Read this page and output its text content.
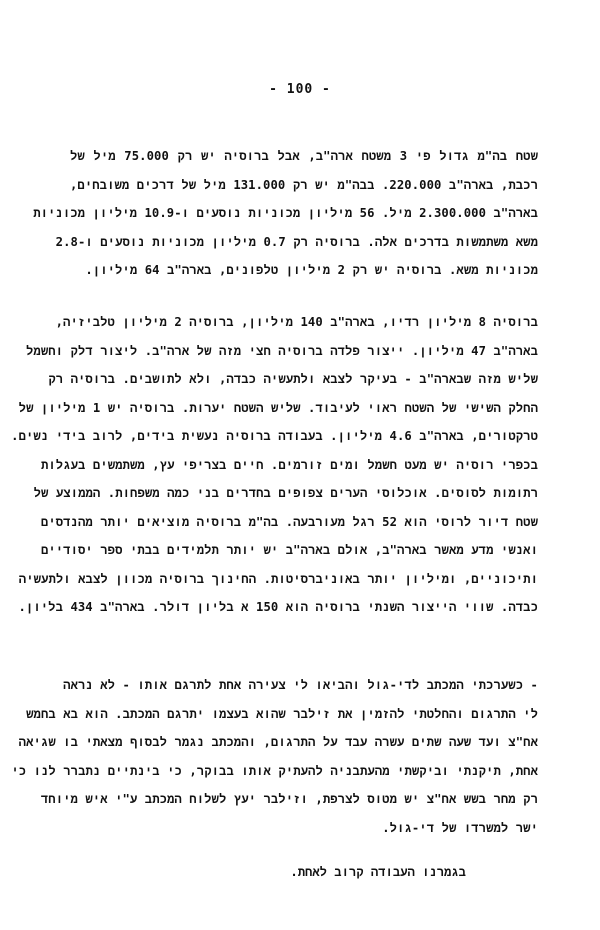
- 100 -
שטח בה"מ גדול פי 3 משטח ארה"ב, אבל ברוסיה יש רק 75.000 מיל של
רכבת, בארה"ב 220.000. בבה"מ יש רק 131.000 מיל של דרכים משובחים,
בארה"ב 2.300.000 מיל. 56 מיליון מכוניות נוסעים ו-10.9 מיליון מכוניות
משא משתמשות בדרכים אלה. ברוסיה רק 0.7 מיליון מכוניות נוסעים ו-2.8
מכוניות משא. ברוסיה יש רק 2 מיליון טלפונים, בארה"ב 64 מיליון.
ברוסיה 8 מיליון רדיו, בארה"ב 140 מיליון, ברוסיה 2 מיליון טלביזיה,
בארה"ב 47 מיליון. ייצור פלדה ברוסיה חצי מזה של ארה"ב. ליצור דלק וחשמל
שליש מזה שבארה"ב - בעיקר לצבא ולתעשיה כבדה, ולא לתושבים. ברוסיה רק
החלק השישי של השטח ראוי לעיבוד. שליש השטח יערות. ברוסיה יש 1 מיליון של
טרקטורים, בארה"ב 4.6 מיליון. בעבודה ברוסיה נעשית בידים, לרוב בידי נשים.
בכפרי רוסיה יש מעט חשמל ומים זורמים. חיים בצריפי עץ, משתמשים בעגלות
רתומות לסוסים. אוכלוסי הערים צפופים בחדרים בני כמה משפחות. הממוצע של
שטח דיור לרוסי הוא 52 רגל מעורבעה. בה"מ ברוסיה מוציאים יותר מהנדסים
ואנשי מדע מאשר בארה"ב, אולם בארה"ב יש יותר תלמידים בבתי ספר יסודיים
ותיכוניים, ומיליון יותר באוניברסיטות. החינוך ברוסיה מכוון לצבא ולתעשיה
כבדה. שווי הייצור השנתי ברוסיה הוא 150 א בליון דולר. בארה"ב 434 בליון.
- כשערכתי המכתב לדי-גול והביאו לי צעירה אחת לתרגם אותו - לא נראה
לי התרגום והחלטתי להזמין את זילבר שהוא בעצמו יתרגם המכתב. הוא בא בחמש
אח"צ ועד שעה שתים עשרה עבד על התרגום, והמכתב נגמר לבסוף מצאתי בו שגיאה
אחת, תיקנתי וביקשתי מהעתבניה להעתיק אותו בבוקר, כי בינתיים נתברר לנו כי
רק מחר בשש אח"צ יש מטוס לצרפת, וזילבר יעץ לשלוח המכתב ע"י איש מיוחד
ישר למשרדו של די-גול.
בגמרנו העבודה קרוב לאחת.
